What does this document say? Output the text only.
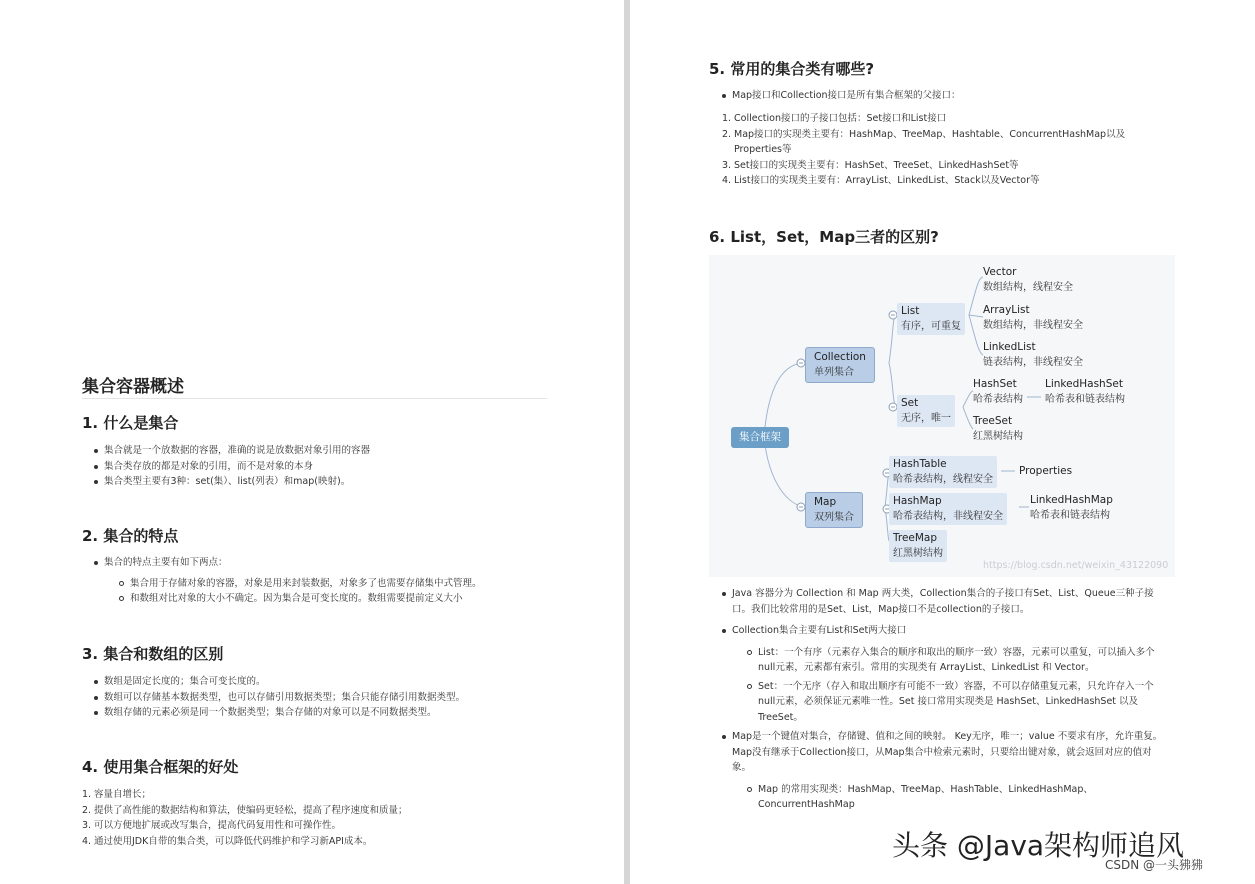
集合容器概述
1. 什么是集合
集合就是一个放数据的容器，准确的说是放数据对象引用的容器
集合类存放的都是对象的引用，而不是对象的本身
集合类型主要有3种：set(集）、list(列表）和map(映射)。
2. 集合的特点
集合的特点主要有如下两点：
集合用于存储对象的容器，对象是用来封装数据，对象多了也需要存储集中式管理。
和数组对比对象的大小不确定。因为集合是可变长度的。数组需要提前定义大小
3. 集合和数组的区别
数组是固定长度的；集合可变长度的。
数组可以存储基本数据类型，也可以存储引用数据类型；集合只能存储引用数据类型。
数组存储的元素必须是同一个数据类型；集合存储的对象可以是不同数据类型。
4. 使用集合框架的好处
1. 容量自增长；
2. 提供了高性能的数据结构和算法，使编码更轻松，提高了程序速度和质量；
3. 可以方便地扩展或改写集合，提高代码复用性和可操作性。
4. 通过使用JDK自带的集合类，可以降低代码维护和学习新API成本。
5. 常用的集合类有哪些?
Map接口和Collection接口是所有集合框架的父接口：
1. Collection接口的子接口包括：Set接口和List接口
2. Map接口的实现类主要有：HashMap、TreeMap、Hashtable、ConcurrentHashMap以及Properties等
3. Set接口的实现类主要有：HashSet、TreeSet、LinkedHashSet等
4. List接口的实现类主要有：ArrayList、LinkedList、Stack以及Vector等
6. List，Set，Map三者的区别?
集合框架
Collection
单列集合
List
有序，可重复
Vector
数组结构，线程安全
ArrayList
数组结构，非线程安全
LinkedList
链表结构，非线程安全
Set
无序，唯一
HashSet
哈希表结构
LinkedHashSet
哈希表和链表结构
TreeSet
红黑树结构
Map
双列集合
HashTable
哈希表结构，线程安全
Properties
HashMap
哈希表结构，非线程安全
LinkedHashMap
哈希表和链表结构
TreeMap
红黑树结构
https://blog.csdn.net/weixin_43122090
Java 容器分为 Collection 和 Map 两大类，Collection集合的子接口有Set、List、Queue三种子接口。我们比较常用的是Set、List，Map接口不是collection的子接口。
Collection集合主要有List和Set两大接口
List：一个有序（元素存入集合的顺序和取出的顺序一致）容器，元素可以重复，可以插入多个null元素，元素都有索引。常用的实现类有 ArrayList、LinkedList 和 Vector。
Set：一个无序（存入和取出顺序有可能不一致）容器，不可以存储重复元素，只允许存入一个null元素，必须保证元素唯一性。Set 接口常用实现类是 HashSet、LinkedHashSet 以及 TreeSet。
Map是一个键值对集合，存储键、值和之间的映射。 Key无序，唯一；value 不要求有序，允许重复。Map没有继承于Collection接口，从Map集合中检索元素时，只要给出键对象，就会返回对应的值对象。
Map 的常用实现类：HashMap、TreeMap、HashTable、LinkedHashMap、ConcurrentHashMap
头条 @Java架构师追风
CSDN @一头狒狒
